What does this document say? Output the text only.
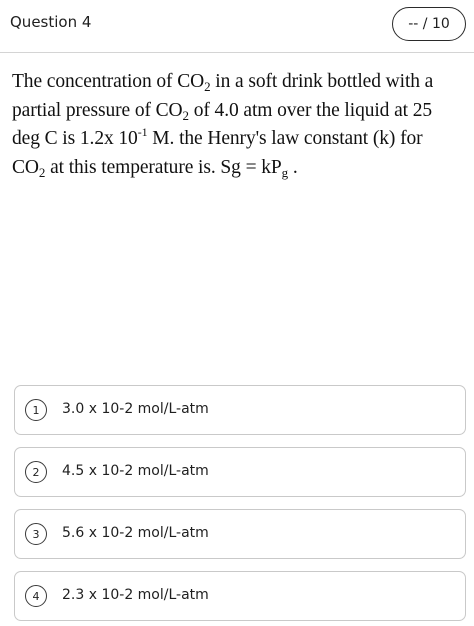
Question 4	-- / 10
The concentration of $CO_2$ in a soft drink bottled with a
partial pressure of $CO_2$ of 4.0 atm over the liquid at 25
deg C is 1.2x $10^{-1}$ M. the Henry's law constant (k) for
$CO_2$ at this temperature is. $Sg = kP_g$ .
1	3.0 x 10-2 mol/L-atm
2	4.5 x 10-2 mol/L-atm
3	5.6 x 10-2 mol/L-atm
4	2.3 x 10-2 mol/L-atm
